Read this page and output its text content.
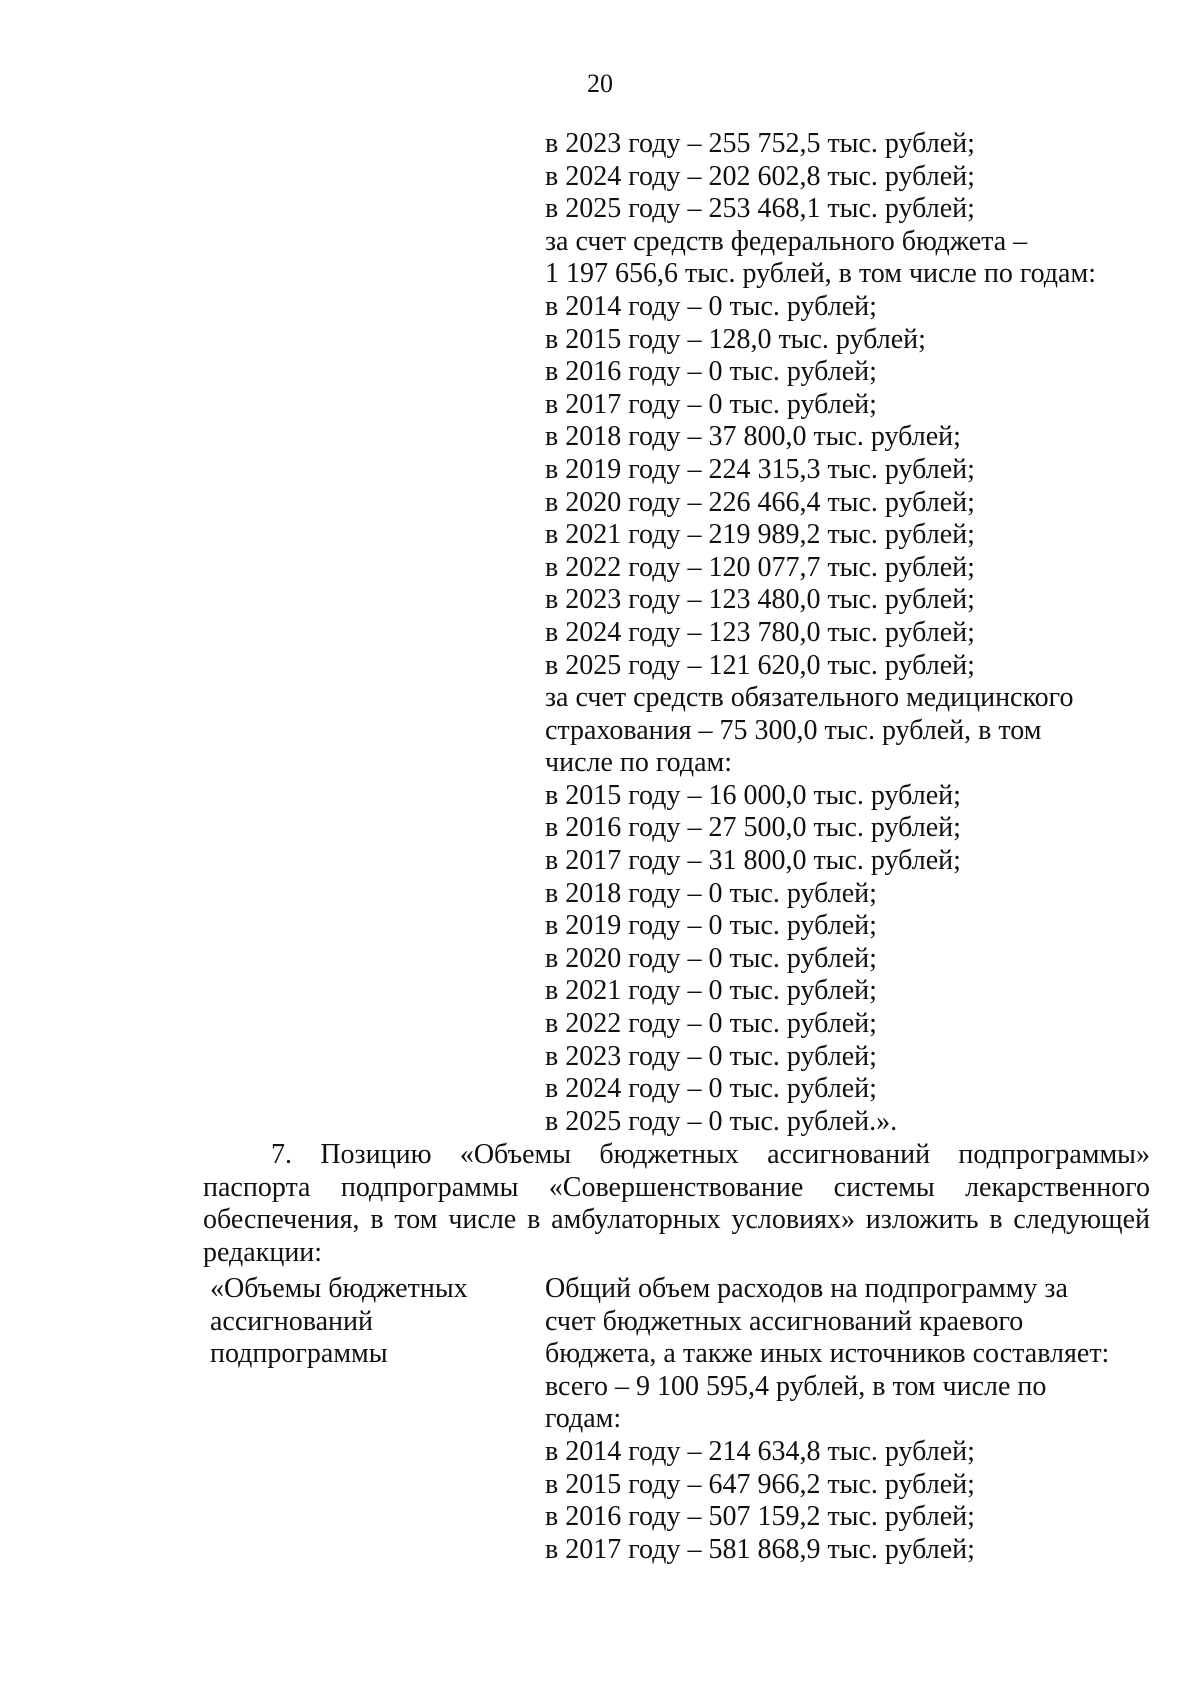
20
в 2023 году – 255 752,5 тыс. рублей;
в 2024 году – 202 602,8 тыс. рублей;
в 2025 году – 253 468,1 тыс. рублей;
за счет средств федерального бюджета –
1 197 656,6 тыс. рублей, в том числе по годам:
в 2014 году – 0 тыс. рублей;
в 2015 году – 128,0 тыс. рублей;
в 2016 году – 0 тыс. рублей;
в 2017 году – 0 тыс. рублей;
в 2018 году – 37 800,0 тыс. рублей;
в 2019 году – 224 315,3 тыс. рублей;
в 2020 году – 226 466,4 тыс. рублей;
в 2021 году – 219 989,2 тыс. рублей;
в 2022 году – 120 077,7 тыс. рублей;
в 2023 году – 123 480,0 тыс. рублей;
в 2024 году – 123 780,0 тыс. рублей;
в 2025 году – 121 620,0 тыс. рублей;
за счет средств обязательного медицинского
страхования – 75 300,0 тыс. рублей, в том
числе по годам:
в 2015 году – 16 000,0 тыс. рублей;
в 2016 году – 27 500,0 тыс. рублей;
в 2017 году – 31 800,0 тыс. рублей;
в 2018 году – 0 тыс. рублей;
в 2019 году – 0 тыс. рублей;
в 2020 году – 0 тыс. рублей;
в 2021 году – 0 тыс. рублей;
в 2022 году – 0 тыс. рублей;
в 2023 году – 0 тыс. рублей;
в 2024 году – 0 тыс. рублей;
в 2025 году – 0 тыс. рублей.».
7. Позицию «Объемы бюджетных ассигнований подпрограммы»
паспорта подпрограммы «Совершенствование системы лекарственного
обеспечения, в том числе в амбулаторных условиях» изложить в следующей
редакции:
«Объемы бюджетных
ассигнований
подпрограммы
Общий объем расходов на подпрограмму за
счет бюджетных ассигнований краевого
бюджета, а также иных источников составляет:
всего – 9 100 595,4 рублей, в том числе по
годам:
в 2014 году – 214 634,8 тыс. рублей;
в 2015 году – 647 966,2 тыс. рублей;
в 2016 году – 507 159,2 тыс. рублей;
в 2017 году – 581 868,9 тыс. рублей;
